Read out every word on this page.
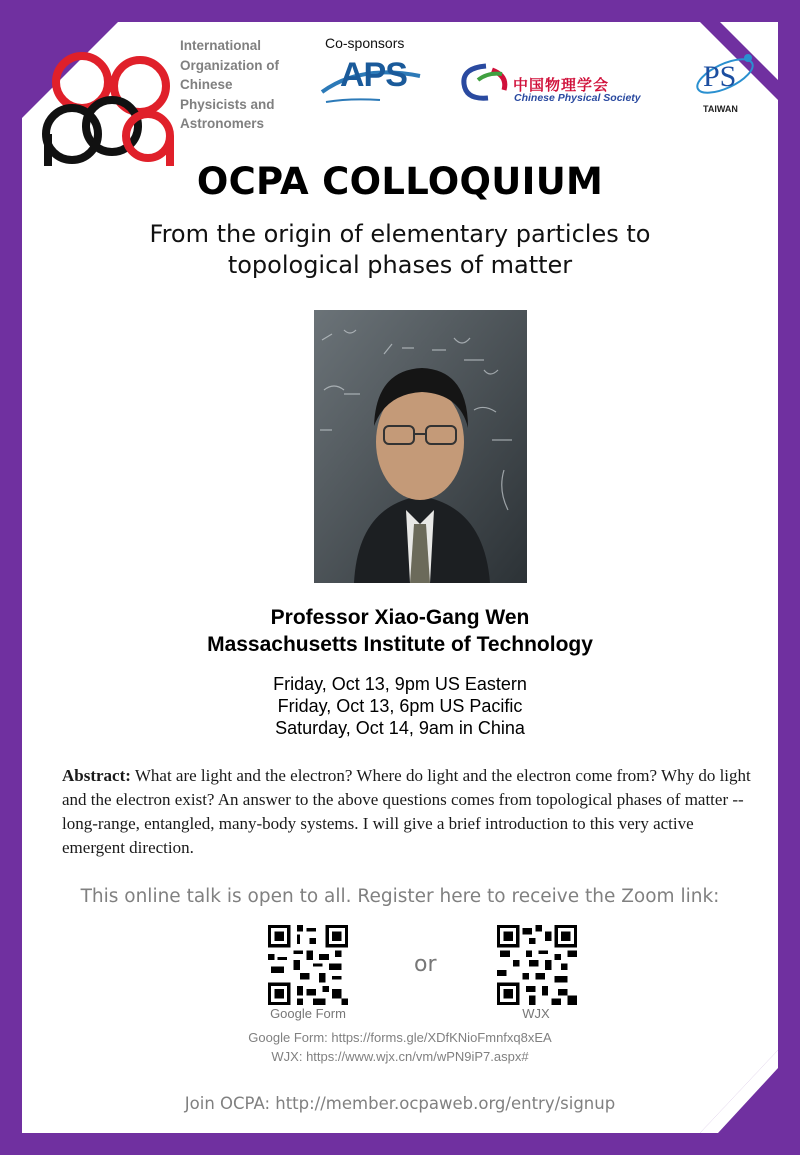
International
Organization of
Chinese
Physicists and
Astronomers
Co-sponsors
APS	中国物理学会
Chinese Physical Society
PS
TAIWAN
OCPA COLLOQUIUM
From the origin of elementary particles to
topological phases of matter
Professor Xiao-Gang Wen
Massachusetts Institute of Technology
Friday, Oct 13, 9pm US Eastern
Friday, Oct 13, 6pm US Pacific
Saturday, Oct 14, 9am in China
Abstract: What are light and the electron? Where do light and the electron come from? Why do light and the electron exist? An answer to the above questions comes from topological phases of matter -- long-range, entangled, many-body systems. I will give a brief introduction to this very active emergent direction.
This online talk is open to all. Register here to receive the Zoom link:
Google Form
or
WJX
Google Form: https://forms.gle/XDfKNioFmnfxq8xEA
WJX: https://www.wjx.cn/vm/wPN9iP7.aspx#
Join OCPA: http://member.ocpaweb.org/entry/signup
